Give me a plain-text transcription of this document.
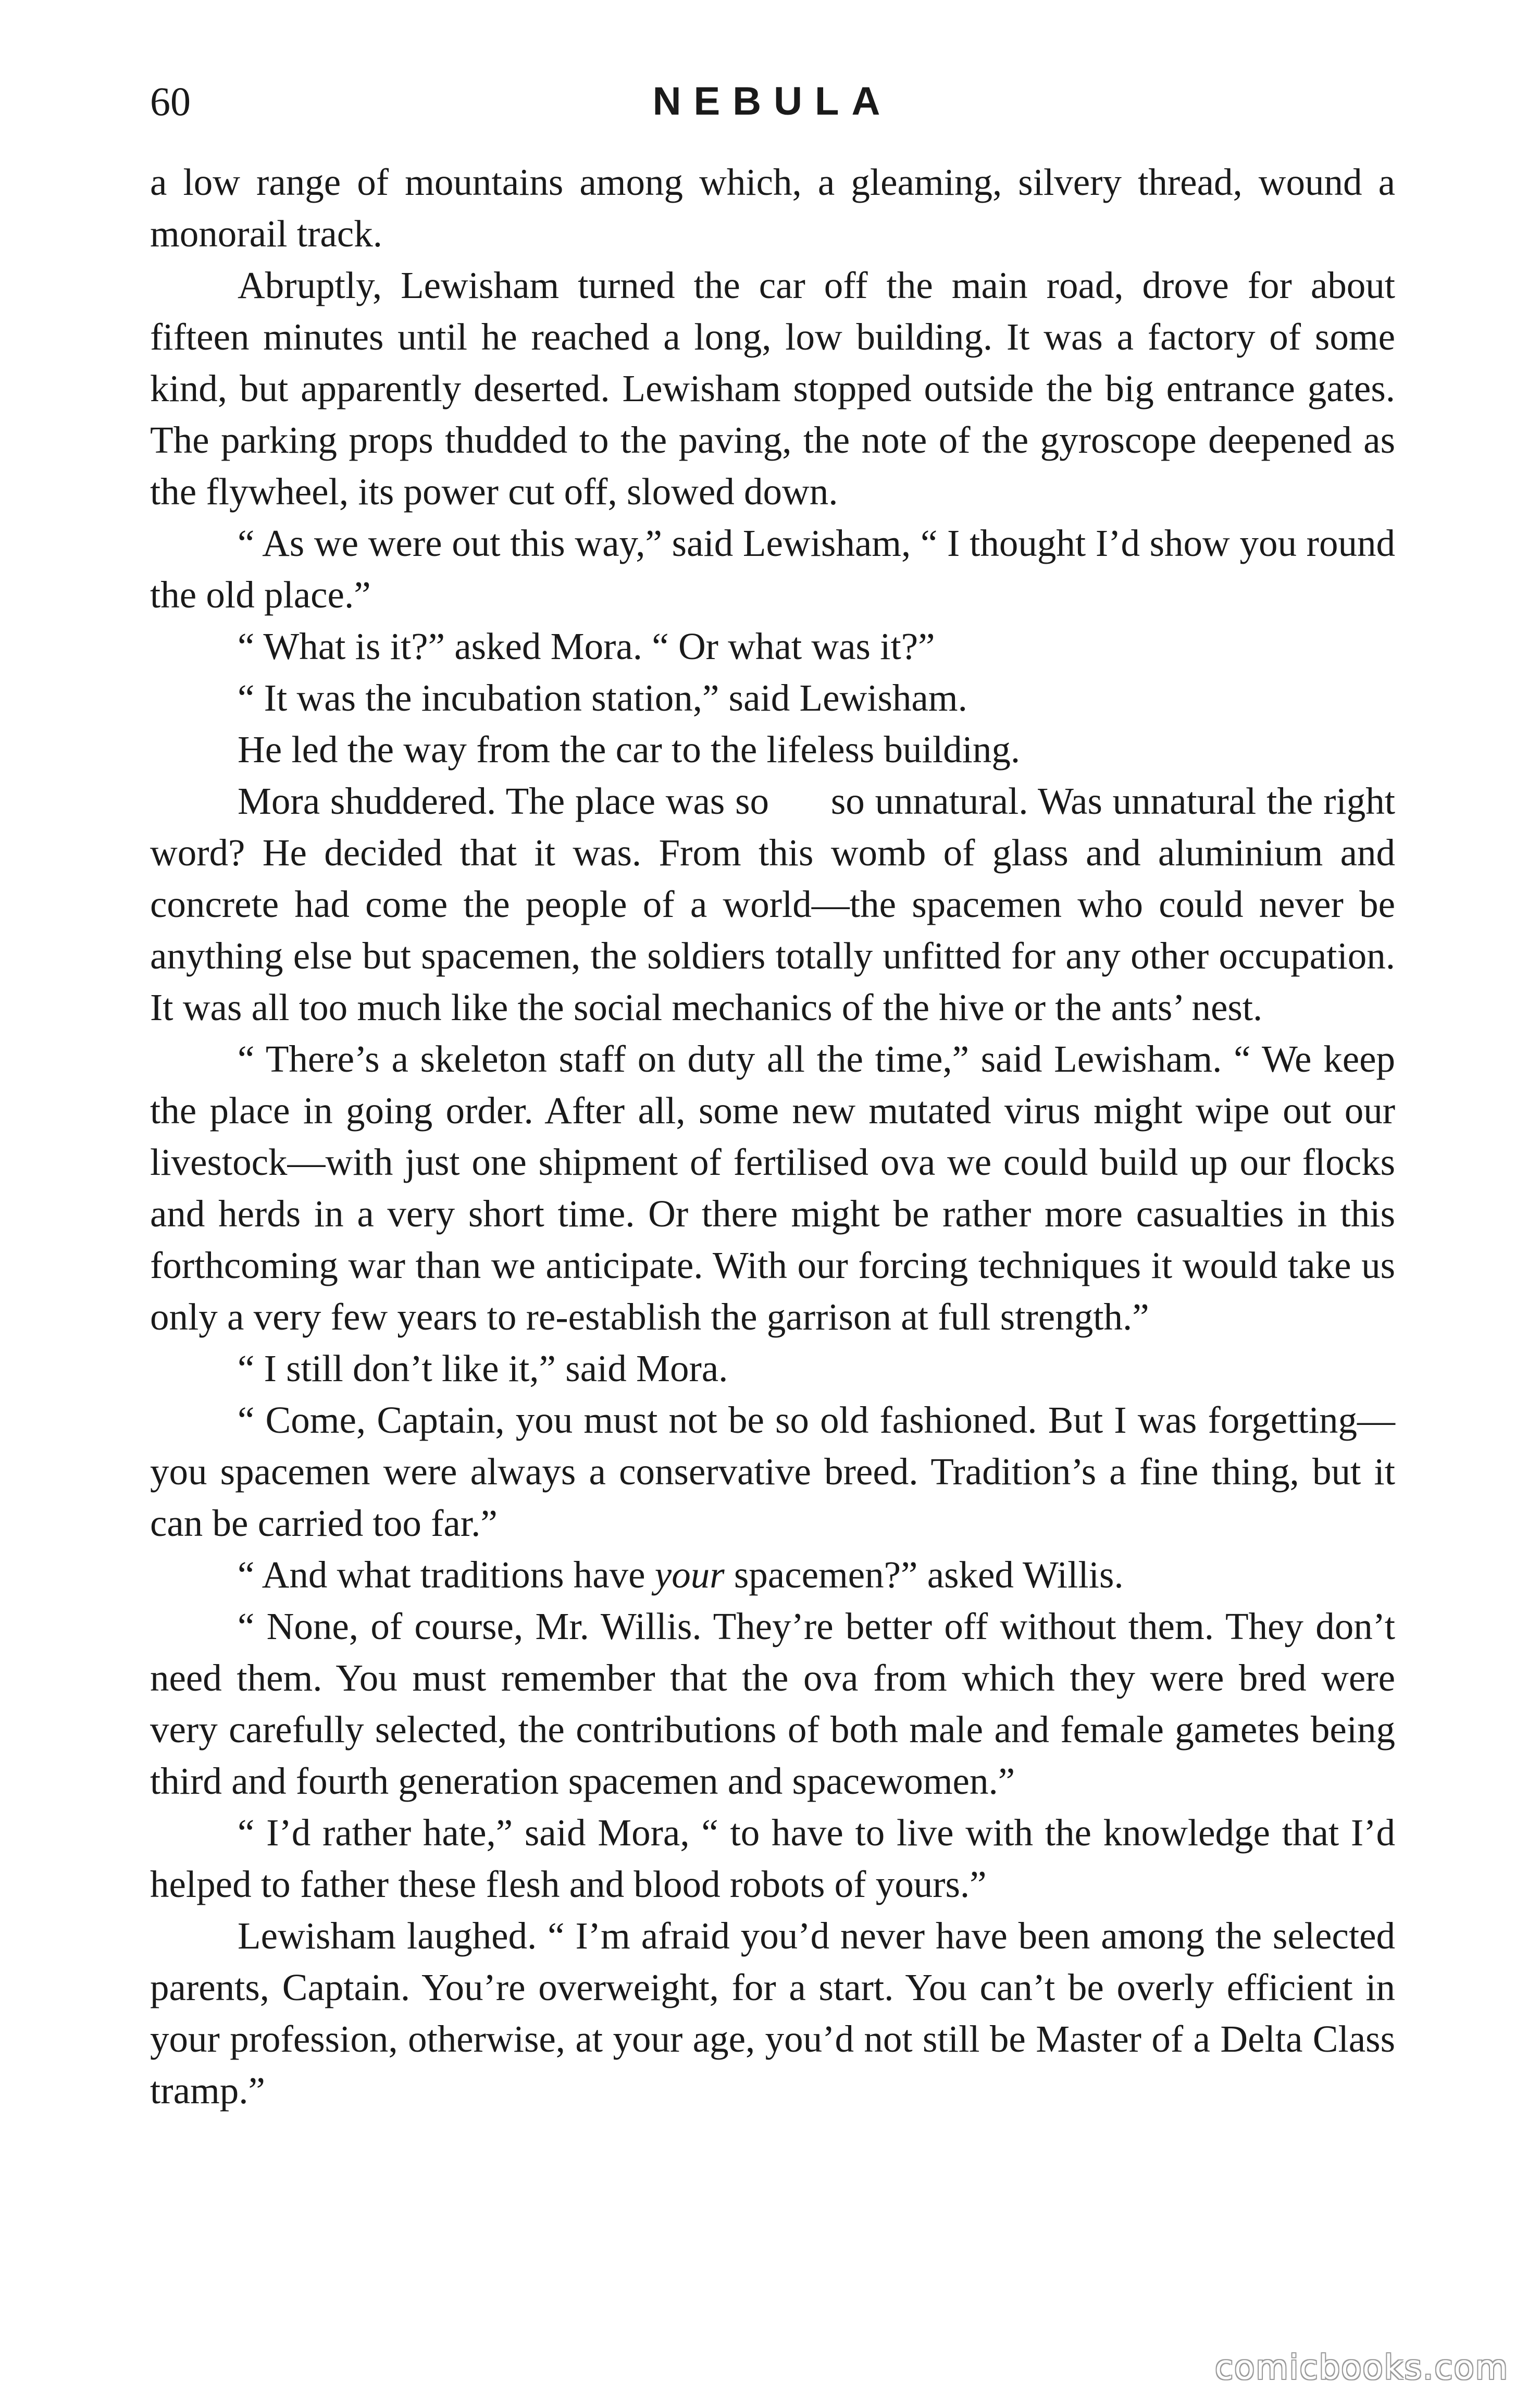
60	NEBULA

a low range of mountains among which, a gleaming, silvery thread, wound a monorail track.

Abruptly, Lewisham turned the car off the main road, drove for about fifteen minutes until he reached a long, low building. It was a factory of some kind, but apparently deserted. Lewisham stopped outside the big entrance gates. The parking props thudded to the paving, the note of the gyroscope deepened as the flywheel, its power cut off, slowed down.

“ As we were out this way,” said Lewisham, “ I thought I’d show you round the old place.”

“ What is it?” asked Mora. “ Or what was it?”

“ It was the incubation station,” said Lewisham.

He led the way from the car to the lifeless building.

Mora shuddered. The place was so      so unnatural. Was unnatural the right word? He decided that it was. From this womb of glass and aluminium and concrete had come the people of a world—the spacemen who could never be anything else but spacemen, the soldiers totally unfitted for any other occupation. It was all too much like the social mechanics of the hive or the ants’ nest.

“ There’s a skeleton staff on duty all the time,” said Lewisham. “ We keep the place in going order. After all, some new mutated virus might wipe out our livestock—with just one shipment of fertilised ova we could build up our flocks and herds in a very short time. Or there might be rather more casualties in this forthcoming war than we anticipate. With our forcing techniques it would take us only a very few years to re-establish the garrison at full strength.”

“ I still don’t like it,” said Mora.

“ Come, Captain, you must not be so old fashioned. But I was forgetting—you spacemen were always a conservative breed. Tradition’s a fine thing, but it can be carried too far.”

“ And what traditions have your spacemen?” asked Willis.

“ None, of course, Mr. Willis. They’re better off without them. They don’t need them. You must remember that the ova from which they were bred were very carefully selected, the contributions of both male and female gametes being third and fourth generation spacemen and spacewomen.”

“ I’d rather hate,” said Mora, “ to have to live with the knowledge that I’d helped to father these flesh and blood robots of yours.”

Lewisham laughed. “ I’m afraid you’d never have been among the selected parents, Captain. You’re overweight, for a start. You can’t be overly efficient in your profession, otherwise, at your age, you’d not still be Master of a Delta Class tramp.”

comicbooks.com
